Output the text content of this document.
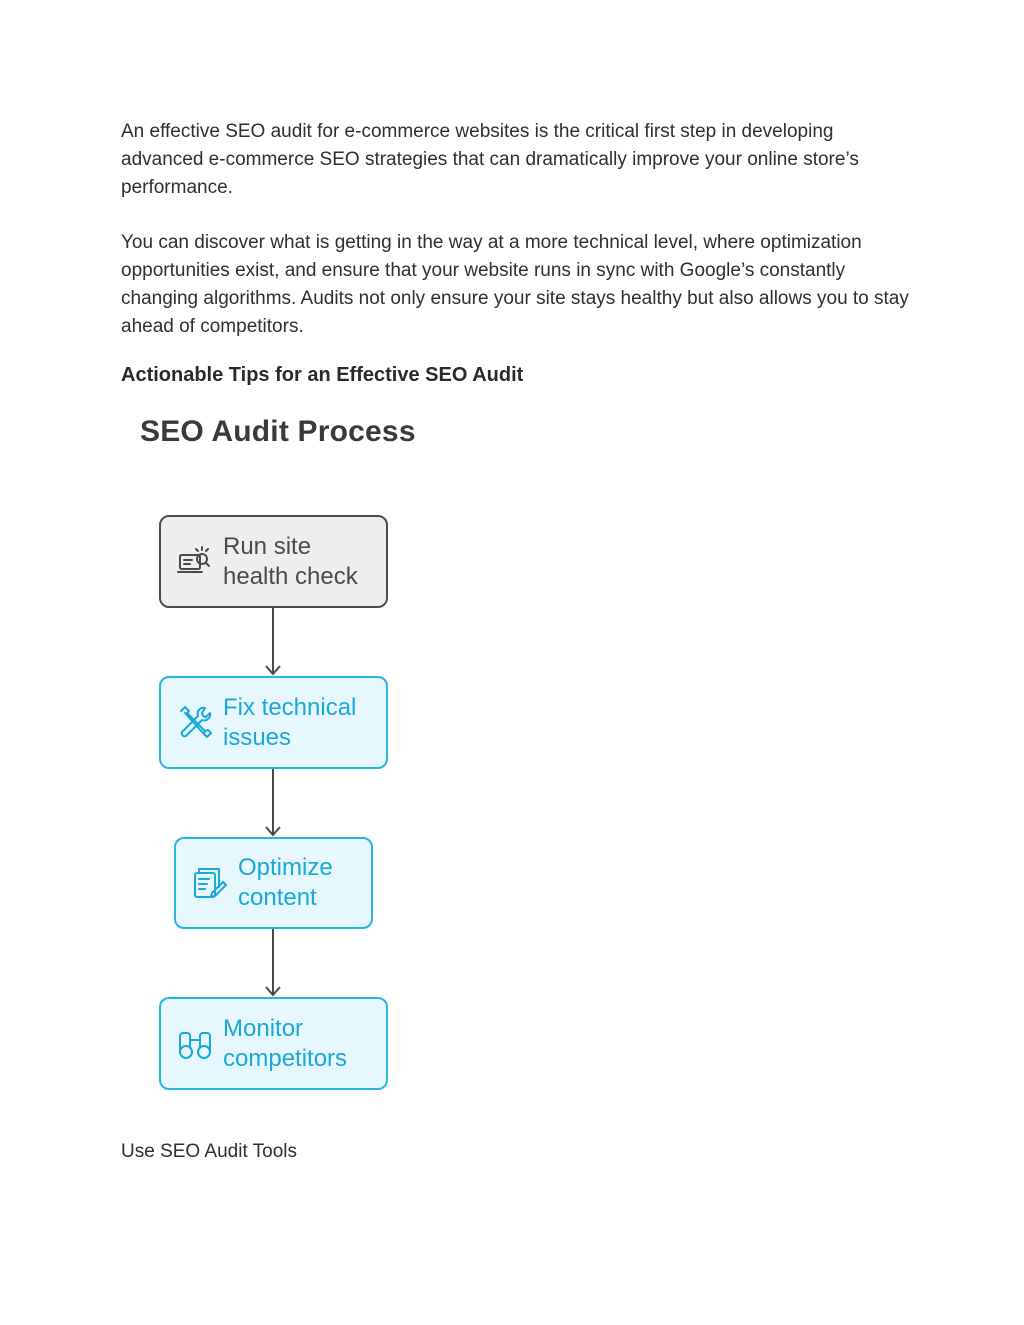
An effective SEO audit for e-commerce websites is the critical first step in developing advanced e-commerce SEO strategies that can dramatically improve your online store’s performance.

You can discover what is getting in the way at a more technical level, where optimization opportunities exist, and ensure that your website runs in sync with Google’s constantly changing algorithms. Audits not only ensure your site stays healthy but also allows you to stay ahead of competitors.

Actionable Tips for an Effective SEO Audit
SEO Audit Process
Run site
health check
Fix technical
issues
Optimize
content
Monitor
competitors

Use SEO Audit Tools
